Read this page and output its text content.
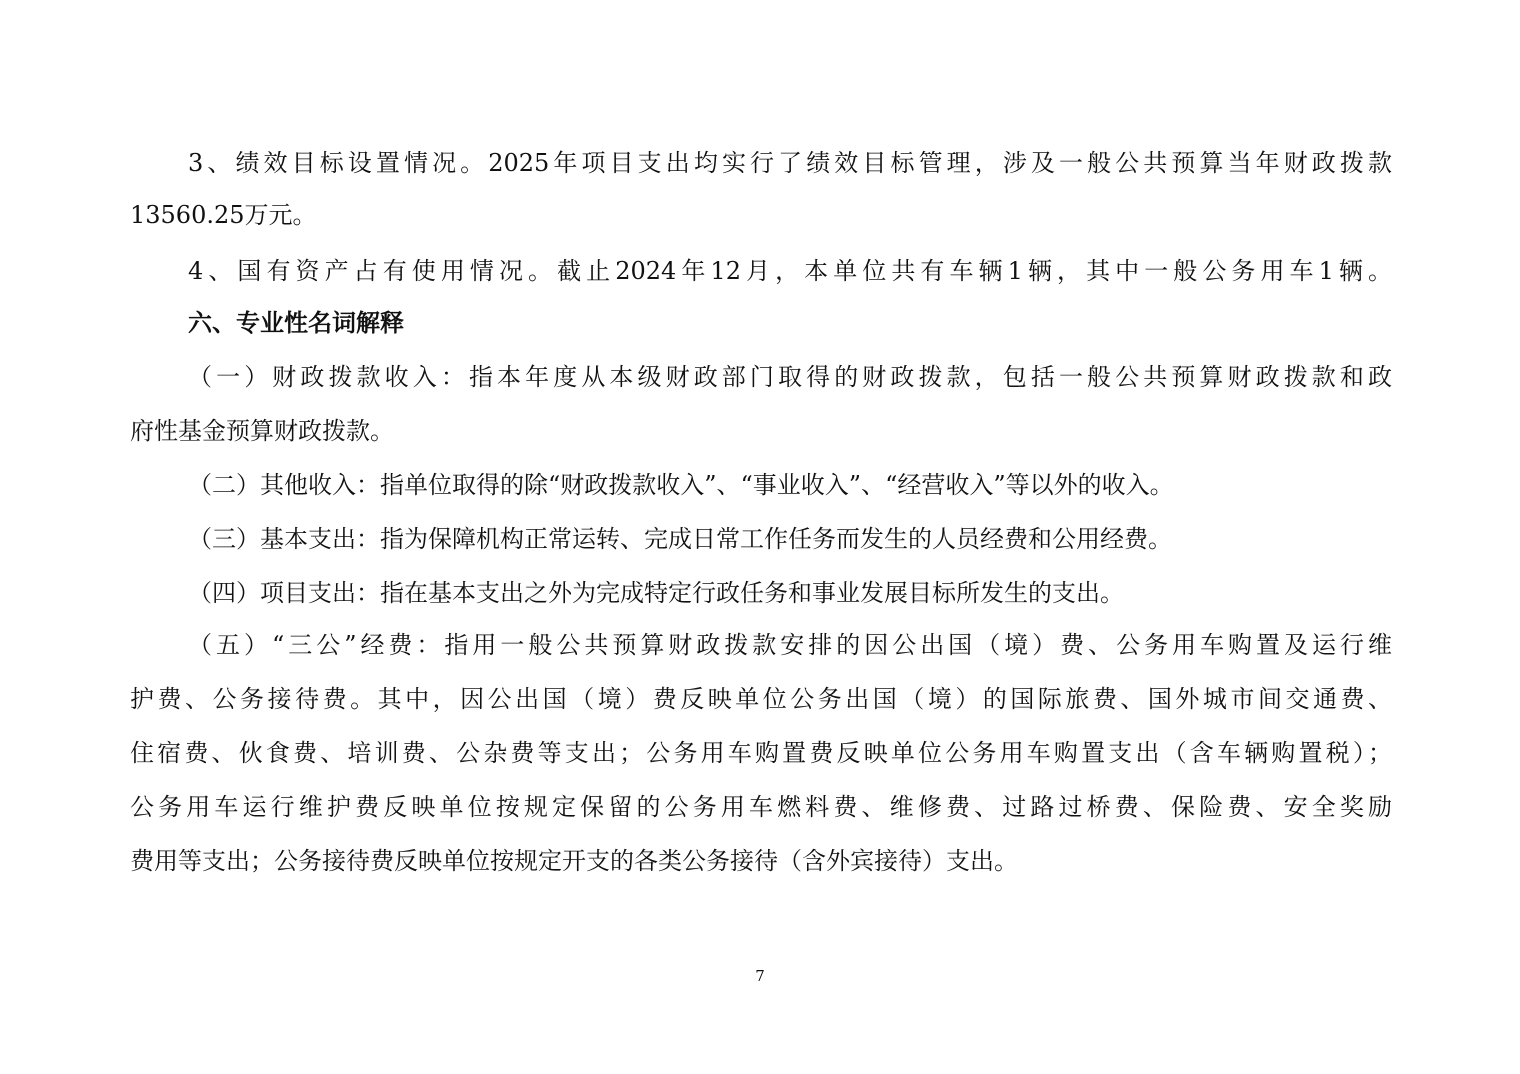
3、绩效目标设置情况。2025年项目支出均实行了绩效目标管理，涉及一般公共预算当年财政拨款
13560.25万元。
4、国有资产占有使用情况。截止2024年12月，本单位共有车辆1辆，其中一般公务用车1辆。
六、专业性名词解释
（一）财政拨款收入：指本年度从本级财政部门取得的财政拨款，包括一般公共预算财政拨款和政
府性基金预算财政拨款。
（二）其他收入：指单位取得的除“财政拨款收入”、“事业收入”、“经营收入”等以外的收入。
（三）基本支出：指为保障机构正常运转、完成日常工作任务而发生的人员经费和公用经费。
（四）项目支出：指在基本支出之外为完成特定行政任务和事业发展目标所发生的支出。
（五）“三公”经费：指用一般公共预算财政拨款安排的因公出国（境）费、公务用车购置及运行维
护费、公务接待费。其中，因公出国（境）费反映单位公务出国（境）的国际旅费、国外城市间交通费、
住宿费、伙食费、培训费、公杂费等支出；公务用车购置费反映单位公务用车购置支出（含车辆购置税）；
公务用车运行维护费反映单位按规定保留的公务用车燃料费、维修费、过路过桥费、保险费、安全奖励
费用等支出；公务接待费反映单位按规定开支的各类公务接待（含外宾接待）支出。
7
